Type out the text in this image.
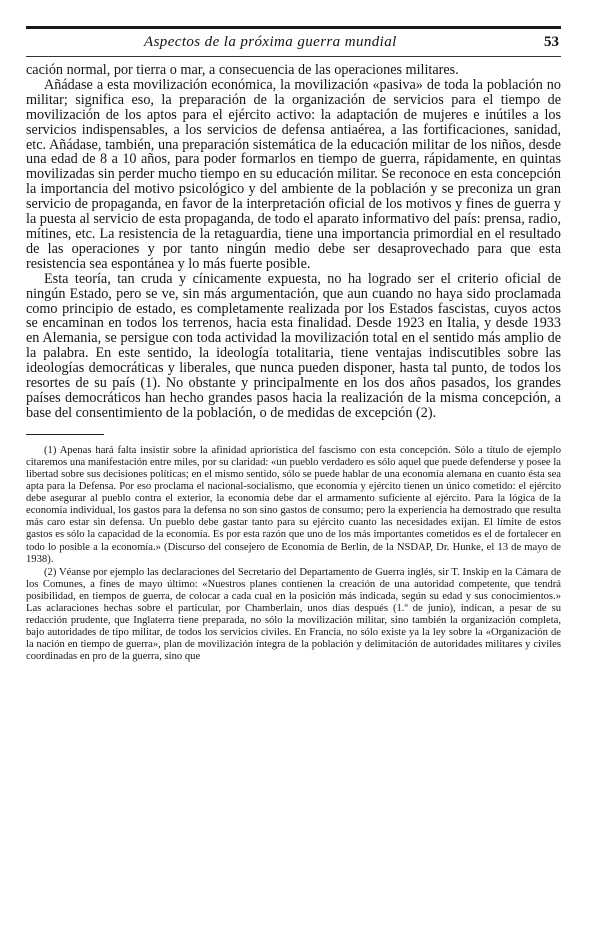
Aspectos de la próxima guerra mundial	53

cación normal, por tierra o mar, a consecuencia de las operaciones militares.

Añádase a esta movilización económica, la movilización «pasiva» de toda la población no militar; significa eso, la preparación de la organización de servicios para el tiempo de movilización de los aptos para el ejército activo: la adaptación de mujeres e inútiles a los servicios indispensables, a los servicios de defensa antiaérea, a las fortificaciones, sanidad, etc. Añádase, también, una preparación sistemática de la educación militar de los niños, desde una edad de 8 a 10 años, para poder formarlos en tiempo de guerra, rápidamente, en quintas movilizadas sin perder mucho tiempo en su educación militar. Se reconoce en esta concepción la importancia del motivo psicológico y del ambiente de la población y se preconiza un gran servicio de propaganda, en favor de la interpretación oficial de los motivos y fines de guerra y la puesta al servicio de esta propaganda, de todo el aparato informativo del país: prensa, radio, mítines, etc. La resistencia de la retaguardia, tiene una importancia primordial en el resultado de las operaciones y por tanto ningún medio debe ser desaprovechado para que esta resistencia sea espontánea y lo más fuerte posible.

Esta teoría, tan cruda y cínicamente expuesta, no ha logrado ser el criterio oficial de ningún Estado, pero se ve, sin más argumentación, que aun cuando no haya sido proclamada como principio de estado, es completamente realizada por los Estados fascistas, cuyos actos se encaminan en todos los terrenos, hacia esta finalidad. Desde 1923 en Italia, y desde 1933 en Alemania, se persigue con toda actividad la movilización total en el sentido más amplio de la palabra. En este sentido, la ideología totalitaria, tiene ventajas indiscutibles sobre las ideologías democráticas y liberales, que nunca pueden disponer, hasta tal punto, de todos los resortes de su país (1). No obstante y principalmente en los dos años pasados, los grandes países democráticos han hecho grandes pasos hacia la realización de la misma concepción, a base del consentimiento de la población, o de medidas de excepción (2).

(1) Apenas hará falta insistir sobre la afinidad apriorística del fascismo con esta concepción. Sólo a título de ejemplo citaremos una manifestación entre miles, por su claridad: «un pueblo verdadero es sólo aquel que puede defenderse y posee la libertad sobre sus decisiones políticas; en el mismo sentido, sólo se puede hablar de una economía alemana en cuanto ésta sea apta para la Defensa. Por eso proclama el nacional-socialismo, que economía y ejército tienen un único cometido: el ejército debe asegurar al pueblo contra el exterior, la economía debe dar el armamento suficiente al ejército. Para la lógica de la economía individual, los gastos para la defensa no son sino gastos de consumo; pero la experiencia ha demostrado que resulta más caro estar sin defensa. Un pueblo debe gastar tanto para su ejército cuanto las necesidades exijan. El límite de estos gastos es sólo la capacidad de la economía. Es por esta razón que uno de los más importantes cometidos es el de fortalecer en todo lo posible a la economía.» (Discurso del consejero de Economía de Berlín, de la NSDAP, Dr. Hunke, el 13 de mayo de 1938).

(2) Véanse por ejemplo las declaraciones del Secretario del Departamento de Guerra inglés, sir T. Inskip en la Cámara de los Comunes, a fines de mayo último: «Nuestros planes contienen la creación de una autoridad competente, que tendrá posibilidad, en tiempos de guerra, de colocar a cada cual en la posición más indicada, según su edad y sus conocimientos.» Las aclaraciones hechas sobre el particular, por Chamberlain, unos días después (1.º de junio), indican, a pesar de su redacción prudente, que Inglaterra tiene preparada, no sólo la movilización militar, sino también la organización completa, bajo autoridades de tipo militar, de todos los servicios civiles. En Francia, no sólo existe ya la ley sobre la «Organización de la nación en tiempo de guerra», plan de movilización íntegra de la población y delimitación de autoridades militares y civiles coordinadas en pro de la guerra, sino que
